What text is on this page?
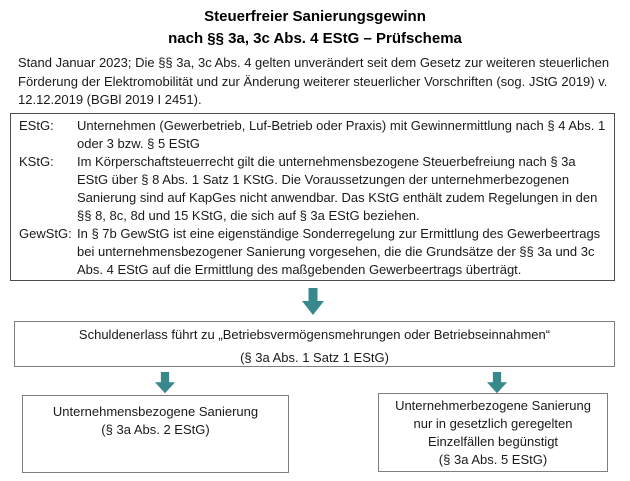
Steuerfreier Sanierungsgewinn
nach §§ 3a, 3c Abs. 4 EStG – Prüfschema

Stand Januar 2023; Die §§ 3a, 3c Abs. 4 gelten unverändert seit dem Gesetz zur weiteren steuerlichen Förderung der Elektromobilität und zur Änderung weiterer steuerlicher Vorschriften (sog. JStG 2019) v. 12.12.2019 (BGBl 2019 I 2451).

EStG:	Unternehmen (Gewerbetrieb, Luf-Betrieb oder Praxis) mit Gewinnermittlung nach § 4 Abs. 1 oder 3 bzw. § 5 EStG
KStG:	Im Körperschaftsteuerrecht gilt die unternehmensbezogene Steuerbefreiung nach § 3a EStG über § 8 Abs. 1 Satz 1 KStG. Die Voraussetzungen der unternehmerbezogenen Sanierung sind auf KapGes nicht anwendbar. Das KStG enthält zudem Regelungen in den §§ 8, 8c, 8d und 15 KStG, die sich auf § 3a EStG beziehen.
GewStG: In § 7b GewStG ist eine eigenständige Sonderregelung zur Ermittlung des Gewerbeertrags bei unternehmensbezogener Sanierung vorgesehen, die die Grundsätze der §§ 3a und 3c Abs. 4 EStG auf die Ermittlung des maßgebenden Gewerbeertrags überträgt.
Schuldenerlass führt zu „Betriebsvermögensmehrungen oder Betriebseinnahmen“
(§ 3a Abs. 1 Satz 1 EStG)
Unternehmensbezogene Sanierung
(§ 3a Abs. 2 EStG)
Unternehmerbezogene Sanierung
nur in gesetzlich geregelten
Einzelfällen begünstigt
(§ 3a Abs. 5 EStG)
